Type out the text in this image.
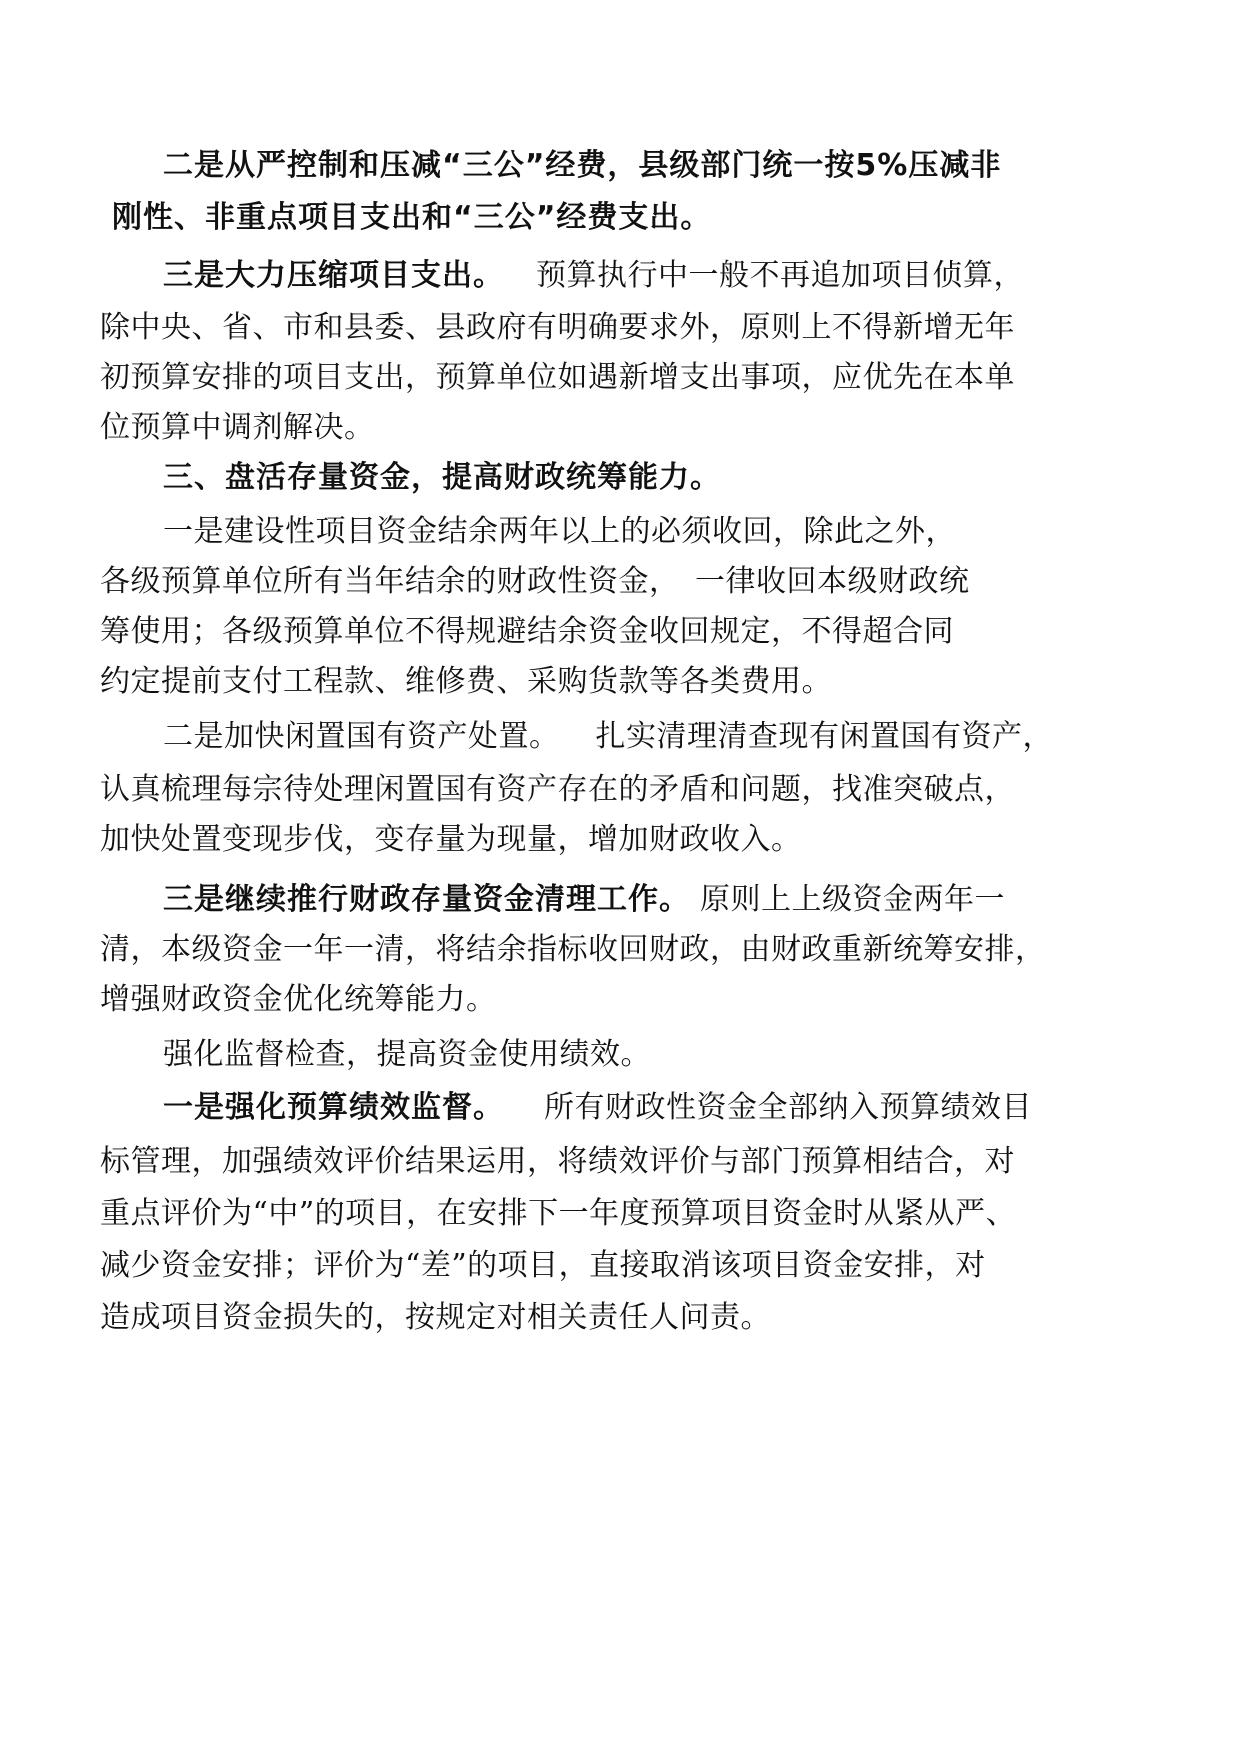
二是从严控制和压减“三公”经费，县级部门统一按5%压减非
刚性、非重点项目支出和“三公”经费支出。
三是大力压缩项目支出。 预算执行中一般不再追加项目侦算，
除中央、省、市和县委、县政府有明确要求外，原则上不得新增无年
初预算安排的项目支出，预算单位如遇新增支出事项，应优先在本单
位预算中调剂解决。
三、盘活存量资金，提高财政统筹能力。
一是建设性项目资金结余两年以上的必须收回，除此之外，
各级预算单位所有当年结余的财政性资金，　一律收回本级财政统
筹使用；各级预算单位不得规避结余资金收回规定，不得超合同
约定提前支付工程款、维修费、采购货款等各类费用。
二是加快闲置国有资产处置。 扎实清理清查现有闲置国有资产，
认真梳理每宗待处理闲置国有资产存在的矛盾和问题，找准突破点，
加快处置变现步伐，变存量为现量，增加财政收入。
三是继续推行财政存量资金清理工作。 原则上上级资金两年一
清，本级资金一年一清，将结余指标收回财政，由财政重新统筹安排，
增强财政资金优化统筹能力。
强化监督检查，提高资金使用绩效。
一是强化预算绩效监督。 所有财政性资金全部纳入预算绩效目
标管理，加强绩效评价结果运用，将绩效评价与部门预算相结合，对
重点评价为“中”的项目，在安排下一年度预算项目资金时从紧从严、
减少资金安排；评价为“差”的项目，直接取消该项目资金安排，对
造成项目资金损失的，按规定对相关责任人问责。
